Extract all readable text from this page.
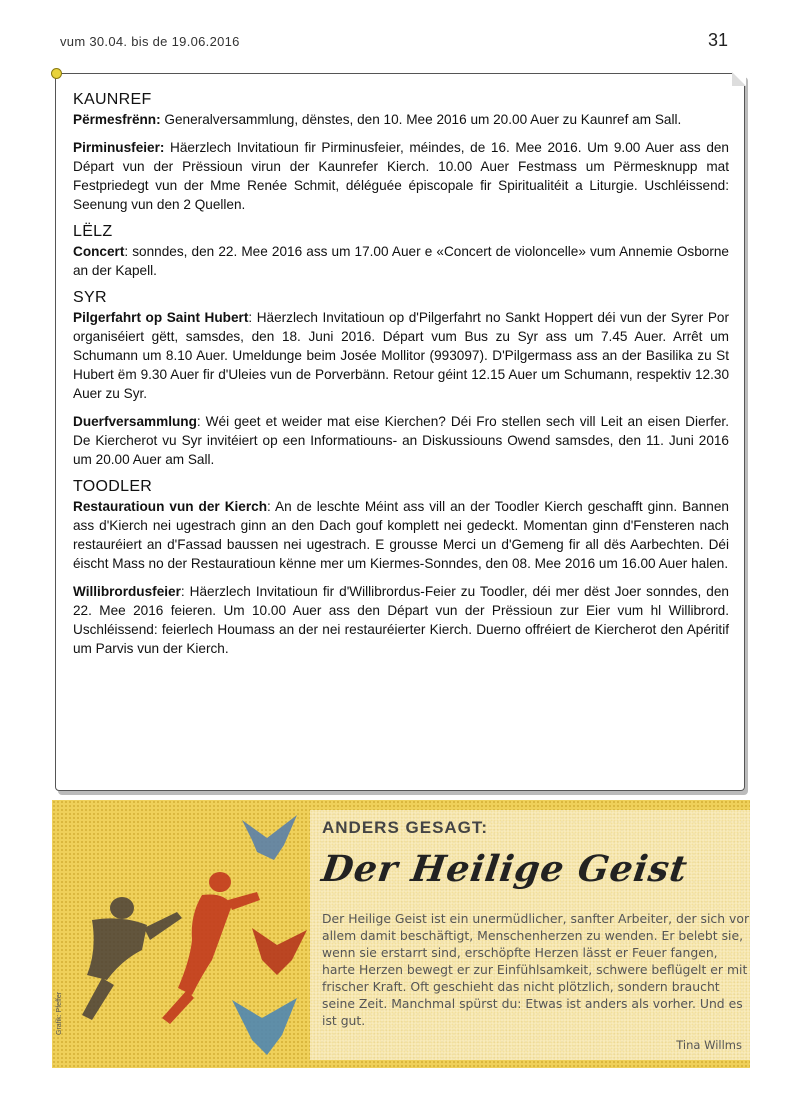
vum 30.04. bis de 19.06.2016	31
KAUNREF

Përmesfrënn: Generalversammlung, dënstes, den 10. Mee 2016 um 20.00 Auer zu Kaunref am Sall.

Pirminusfeier: Häerzlech Invitatioun fir Pirminusfeier, méindes, de 16. Mee 2016. Um 9.00 Auer ass den Départ vun der Prëssioun virun der Kaunrefer Kierch. 10.00 Auer Festmass um Përmesknupp mat Festpriedegt vun der Mme Renée Schmit, déléguée épiscopale fir Spiritualitéit a Liturgie. Uschléissend: Seenung vun den 2 Quellen.

LËLZ

Concert: sonndes, den 22. Mee 2016 ass um 17.00 Auer e «Concert de violoncelle» vum Annemie Osborne an der Kapell.

SYR

Pilgerfahrt op Saint Hubert: Häerzlech Invitatioun op d'Pilgerfahrt no Sankt Hoppert déi vun der Syrer Por organiséiert gëtt, samsdes, den 18. Juni 2016. Départ vum Bus zu Syr ass um 7.45 Auer. Arrêt um Schumann um 8.10 Auer. Umeldunge beim Josée Mollitor (993097). D'Pilgermass ass an der Basilika zu St Hubert ëm 9.30 Auer fir d'Uleies vun de Porverbänn. Retour géint 12.15 Auer um Schumann, respektiv 12.30 Auer zu Syr.

Duerfversammlung: Wéi geet et weider mat eise Kierchen? Déi Fro stellen sech vill Leit an eisen Dierfer. De Kiercherot vu Syr invitéiert op een Informatiouns- an Diskussiouns Owend samsdes, den 11. Juni 2016 um 20.00 Auer am Sall.

TOODLER

Restauratioun vun der Kierch: An de leschte Méint ass vill an der Toodler Kierch geschafft ginn. Bannen ass d'Kierch nei ugestrach ginn an den Dach gouf komplett nei gedeckt. Momentan ginn d'Fensteren nach restauréiert an d'Fassad baussen nei ugestrach. E grousse Merci un d'Gemeng fir all dës Aarbechten. Déi éischt Mass no der Restauratioun kënne mer um Kiermes-Sonndes, den 08. Mee 2016 um 16.00 Auer halen.

Willibrordusfeier: Häerzlech Invitatioun fir d'Willibrordus-Feier zu Toodler, déi mer dëst Joer sonndes, den 22. Mee 2016 feieren. Um 10.00 Auer ass den Départ vun der Prëssioun zur Eier vum hl Willibrord. Uschléissend: feierlech Houmass an der nei restauréierter Kierch. Duerno offréiert de Kiercherot den Apéritif um Parvis vun der Kierch.

Grafik: Pfeffer
ANDERS GESAGT:
Der Heilige Geist

Der Heilige Geist ist ein unermüdlicher, sanfter Arbeiter, der sich vor allem damit beschäftigt, Menschenherzen zu wenden. Er belebt sie, wenn sie erstarrt sind, erschöpfte Herzen lässt er Feuer fangen, harte Herzen bewegt er zur Einfühlsamkeit, schwere beflügelt er mit frischer Kraft. Oft geschieht das nicht plötzlich, sondern braucht seine Zeit. Manchmal spürst du: Etwas ist anders als vorher. Und es ist gut.

Tina Willms
